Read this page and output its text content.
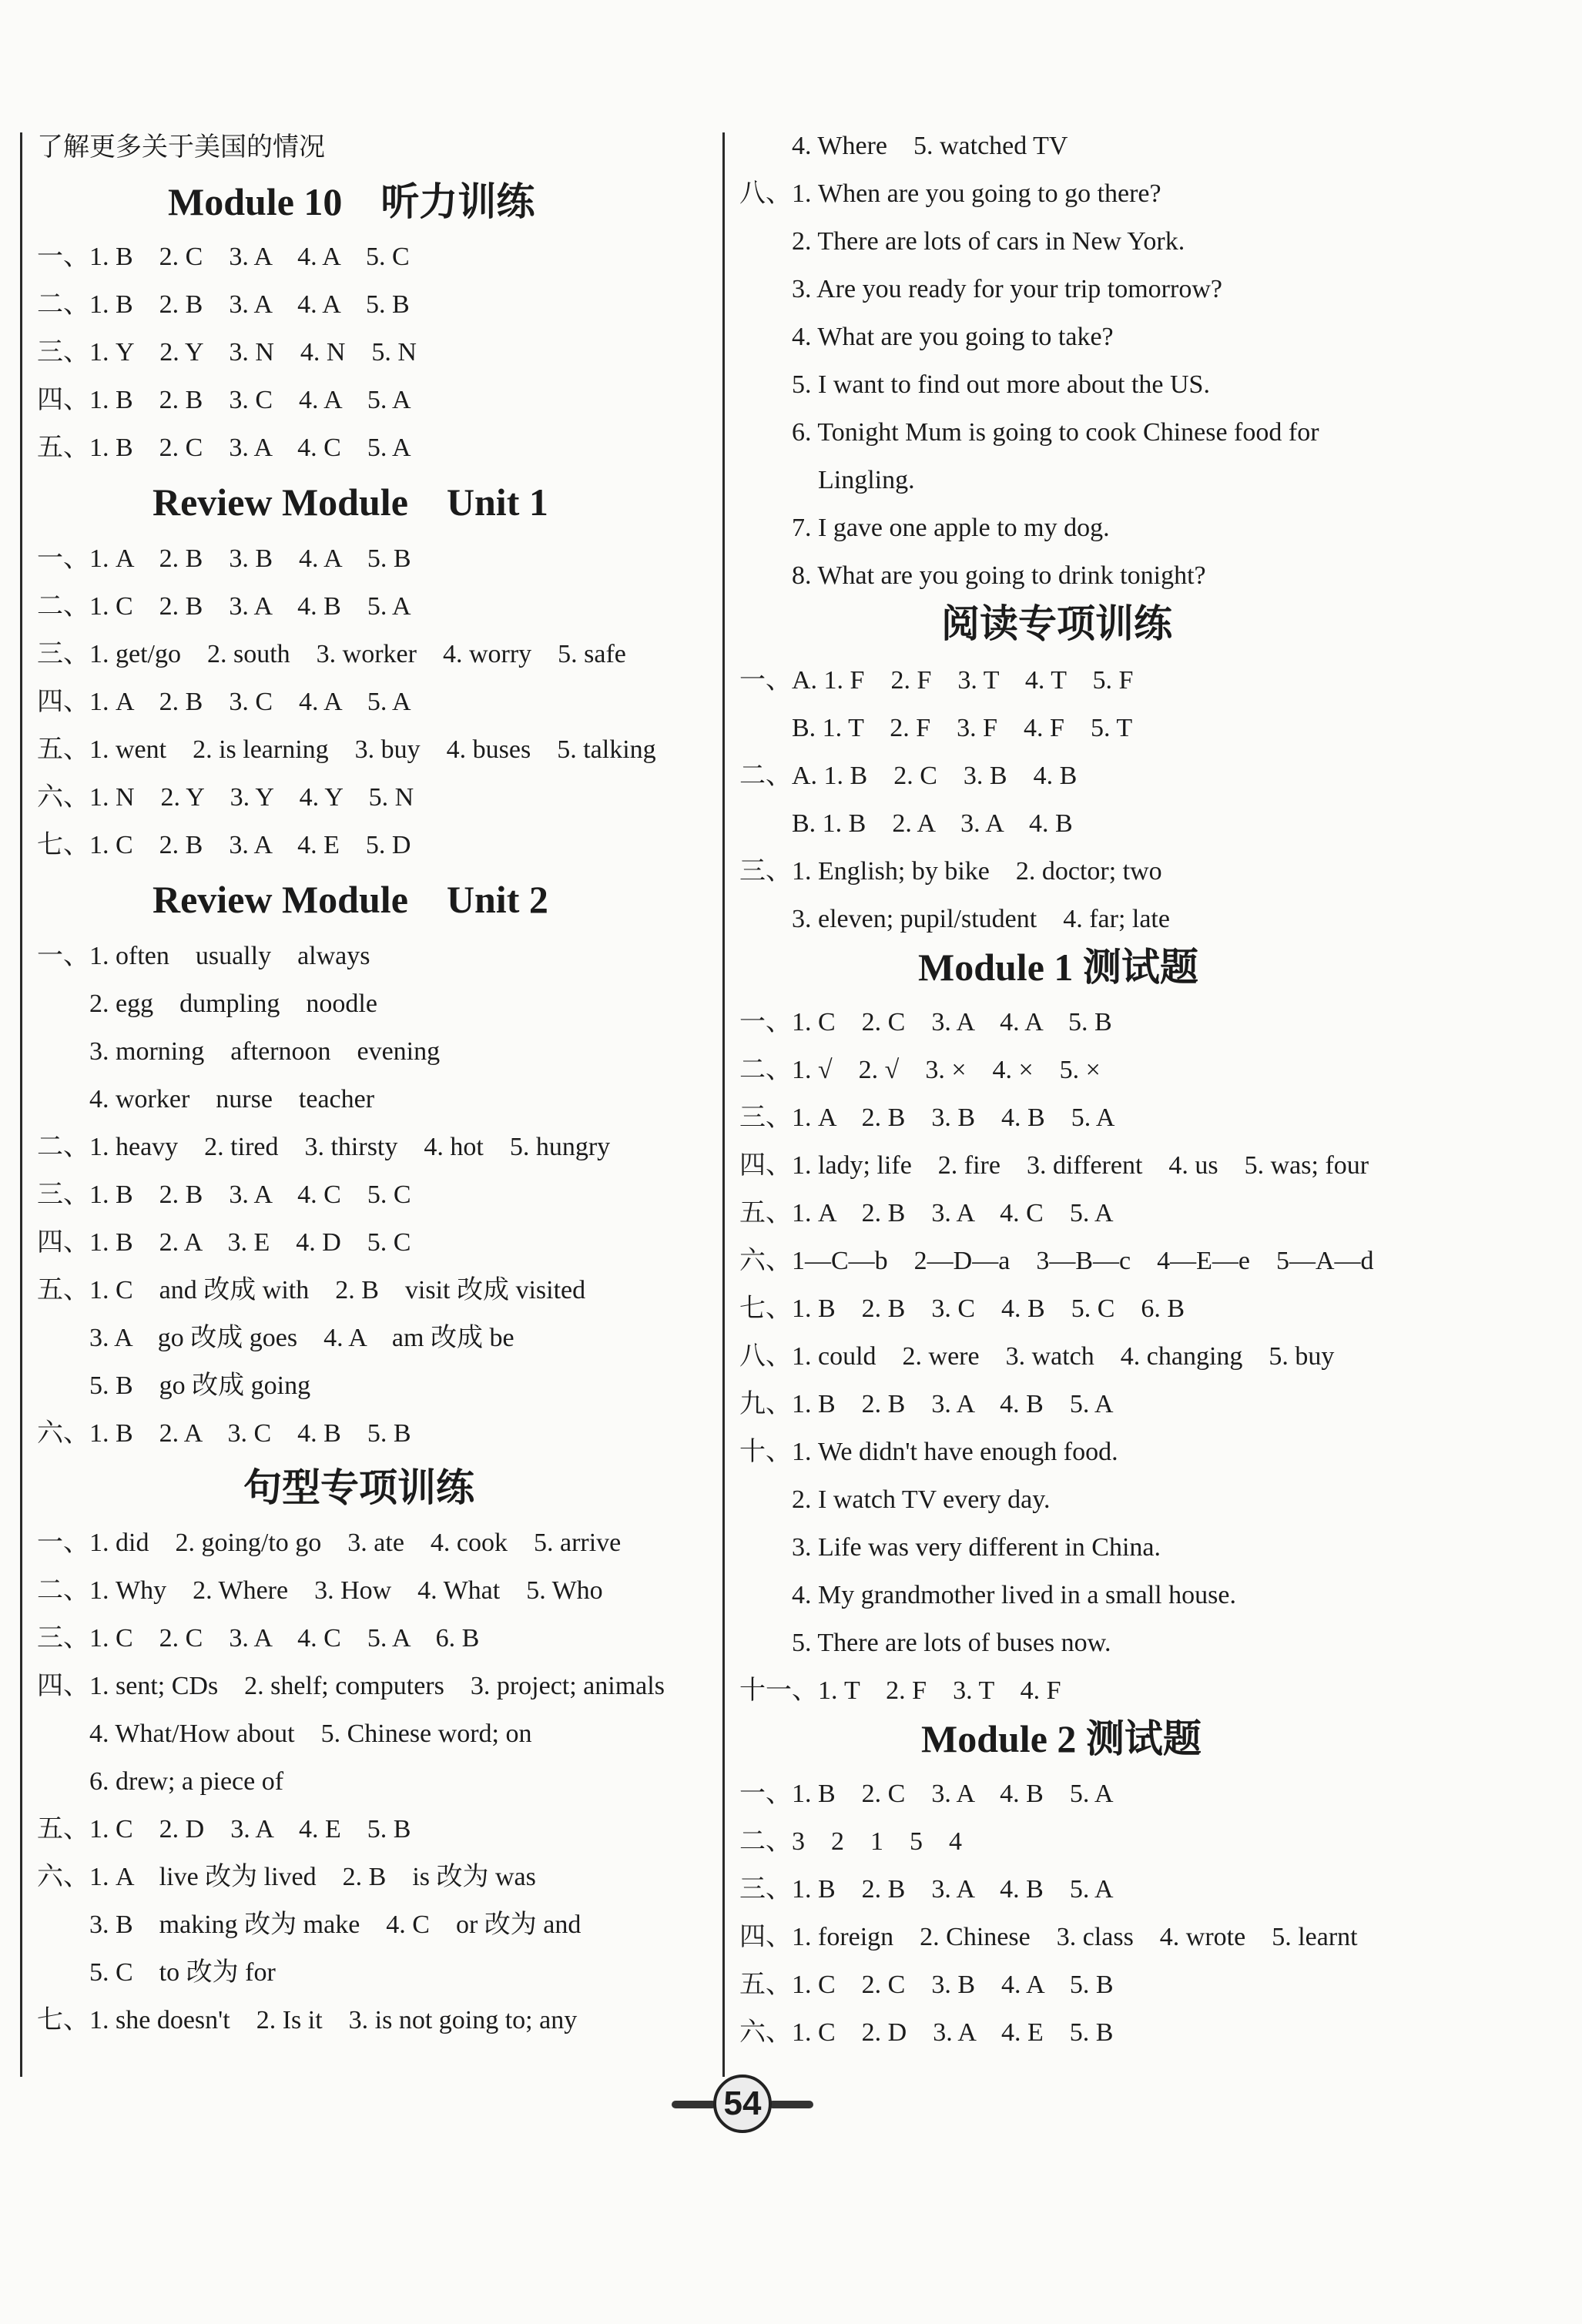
了解更多关于美国的情况
Module 10　听力训练
一、1. B　2. C　3. A　4. A　5. C
二、1. B　2. B　3. A　4. A　5. B
三、1. Y　2. Y　3. N　4. N　5. N
四、1. B　2. B　3. C　4. A　5. A
五、1. B　2. C　3. A　4. C　5. A
Review Module　Unit 1
一、1. A　2. B　3. B　4. A　5. B
二、1. C　2. B　3. A　4. B　5. A
三、1. get/go　2. south　3. worker　4. worry　5. safe
四、1. A　2. B　3. C　4. A　5. A
五、1. went　2. is learning　3. buy　4. buses　5. talking
六、1. N　2. Y　3. Y　4. Y　5. N
七、1. C　2. B　3. A　4. E　5. D
Review Module　Unit 2
一、1. often　usually　always
　　2. egg　dumpling　noodle
　　3. morning　afternoon　evening
　　4. worker　nurse　teacher
二、1. heavy　2. tired　3. thirsty　4. hot　5. hungry
三、1. B　2. B　3. A　4. C　5. C
四、1. B　2. A　3. E　4. D　5. C
五、1. C　and 改成 with　2. B　visit 改成 visited
　　3. A　go 改成 goes　4. A　am 改成 be
　　5. B　go 改成 going
六、1. B　2. A　3. C　4. B　5. B
句型专项训练
一、1. did　2. going/to go　3. ate　4. cook　5. arrive
二、1. Why　2. Where　3. How　4. What　5. Who
三、1. C　2. C　3. A　4. C　5. A　6. B
四、1. sent; CDs　2. shelf; computers　3. project; animals
　　4. What/How about　5. Chinese word; on
　　6. drew; a piece of
五、1. C　2. D　3. A　4. E　5. B
六、1. A　live 改为 lived　2. B　is 改为 was
　　3. B　making 改为 make　4. C　or 改为 and
　　5. C　to 改为 for
七、1. she doesn't　2. Is it　3. is not going to; any
　　4. Where　5. watched TV
八、1. When are you going to go there?
　　2. There are lots of cars in New York.
　　3. Are you ready for your trip tomorrow?
　　4. What are you going to take?
　　5. I want to find out more about the US.
　　6. Tonight Mum is going to cook Chinese food for
　　　Lingling.
　　7. I gave one apple to my dog.
　　8. What are you going to drink tonight?
阅读专项训练
一、A. 1. F　2. F　3. T　4. T　5. F
　　B. 1. T　2. F　3. F　4. F　5. T
二、A. 1. B　2. C　3. B　4. B
　　B. 1. B　2. A　3. A　4. B
三、1. English; by bike　2. doctor; two
　　3. eleven; pupil/student　4. far; late
Module 1 测试题
一、1. C　2. C　3. A　4. A　5. B
二、1. √　2. √　3. ×　4. ×　5. ×
三、1. A　2. B　3. B　4. B　5. A
四、1. lady; life　2. fire　3. different　4. us　5. was; four
五、1. A　2. B　3. A　4. C　5. A
六、1—C—b　2—D—a　3—B—c　4—E—e　5—A—d
七、1. B　2. B　3. C　4. B　5. C　6. B
八、1. could　2. were　3. watch　4. changing　5. buy
九、1. B　2. B　3. A　4. B　5. A
十、1. We didn't have enough food.
　　2. I watch TV every day.
　　3. Life was very different in China.
　　4. My grandmother lived in a small house.
　　5. There are lots of buses now.
十一、1. T　2. F　3. T　4. F
Module 2 测试题
一、1. B　2. C　3. A　4. B　5. A
二、3　2　1　5　4
三、1. B　2. B　3. A　4. B　5. A
四、1. foreign　2. Chinese　3. class　4. wrote　5. learnt
五、1. C　2. C　3. B　4. A　5. B
六、1. C　2. D　3. A　4. E　5. B
54
